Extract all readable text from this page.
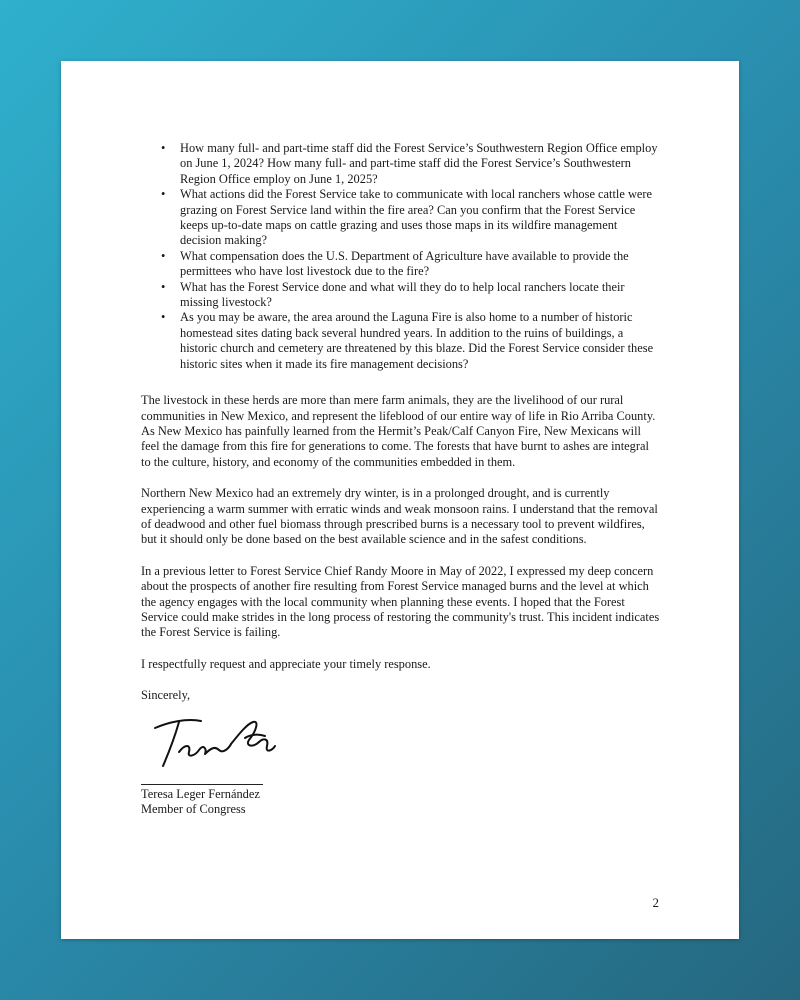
• How many full- and part-time staff did the Forest Service’s Southwestern Region Office employ on June 1, 2024? How many full- and part-time staff did the Forest Service’s Southwestern Region Office employ on June 1, 2025?
• What actions did the Forest Service take to communicate with local ranchers whose cattle were grazing on Forest Service land within the fire area? Can you confirm that the Forest Service keeps up-to-date maps on cattle grazing and uses those maps in its wildfire management decision making?
• What compensation does the U.S. Department of Agriculture have available to provide the permittees who have lost livestock due to the fire?
• What has the Forest Service done and what will they do to help local ranchers locate their missing livestock?
• As you may be aware, the area around the Laguna Fire is also home to a number of historic homestead sites dating back several hundred years. In addition to the ruins of buildings, a historic church and cemetery are threatened by this blaze. Did the Forest Service consider these historic sites when it made its fire management decisions?

The livestock in these herds are more than mere farm animals, they are the livelihood of our rural communities in New Mexico, and represent the lifeblood of our entire way of life in Rio Arriba County. As New Mexico has painfully learned from the Hermit’s Peak/Calf Canyon Fire, New Mexicans will feel the damage from this fire for generations to come. The forests that have burnt to ashes are integral to the culture, history, and economy of the communities embedded in them.

Northern New Mexico had an extremely dry winter, is in a prolonged drought, and is currently experiencing a warm summer with erratic winds and weak monsoon rains. I understand that the removal of deadwood and other fuel biomass through prescribed burns is a necessary tool to prevent wildfires, but it should only be done based on the best available science and in the safest conditions.

In a previous letter to Forest Service Chief Randy Moore in May of 2022, I expressed my deep concern about the prospects of another fire resulting from Forest Service managed burns and the level at which the agency engages with the local community when planning these events. I hoped that the Forest Service could make strides in the long process of restoring the community's trust. This incident indicates the Forest Service is failing.

I respectfully request and appreciate your timely response.

Sincerely,

Teresa Leger Fernández

Member of Congress

2
